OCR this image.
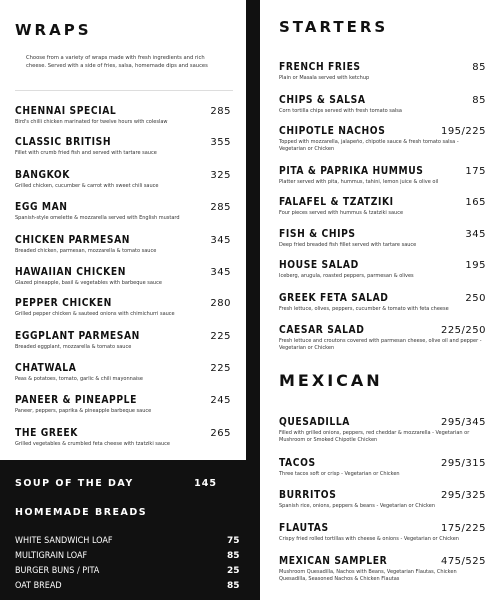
WRAPS
Choose from a variety of wraps made with fresh ingredients and rich cheese. Served with a side of fries, salsa, homemade dips and sauces
CHENNAI SPECIAL	285
Bird's chilli chicken marinated for twelve hours with coleslaw
CLASSIC BRITISH	355
Fillet with crumb fried fish and served with tartare sauce
BANGKOK	325
Grilled chicken, cucumber & carrot with sweet chili sauce
EGG MAN	285
Spanish-style omelette & mozzarella served with English mustard
CHICKEN PARMESAN	345
Breaded chicken, parmesan, mozzarella & tomato sauce
HAWAIIAN CHICKEN	345
Glazed pineapple, basil & vegetables with barbeque sauce
PEPPER CHICKEN	280
Grilled pepper chicken & sauteed onions with chimichurri sauce
EGGPLANT PARMESAN	225
Breaded eggplant, mozzarella & tomato sauce
CHATWALA	225
Peas & potatoes, tomato, garlic & chili mayonnaise
PANEER & PINEAPPLE	245
Paneer, peppers, paprika & pineapple barbeque sauce
THE GREEK	265
Grilled vegetables & crumbled feta cheese with tzatziki sauce
SOUP OF THE DAY	145
HOMEMADE BREADS
WHITE SANDWICH LOAF	75
MULTIGRAIN LOAF	85
BURGER BUNS / PITA	25
OAT BREAD	85
STARTERS
FRENCH FRIES	85
Plain or Masala served with ketchup
CHIPS & SALSA	85
Corn tortilla chips served with fresh tomato salsa
CHIPOTLE NACHOS	195/225
Topped with mozzarella, jalapeño, chipotle sauce & fresh tomato salsa - Vegetarian or Chicken
PITA & PAPRIKA HUMMUS	175
Platter served with pita, hummus, tahini, lemon juice & olive oil
FALAFEL & TZATZIKI	165
Four pieces served with hummus & tzatziki sauce
FISH & CHIPS	345
Deep fried breaded fish fillet served with tartare sauce
HOUSE SALAD	195
Iceberg, arugula, roasted peppers, parmesan & olives
GREEK FETA SALAD	250
Fresh lettuce, olives, peppers, cucumber & tomato with feta cheese
CAESAR SALAD	225/250
Fresh lettuce and croutons covered with parmesan cheese, olive oil and pepper - Vegetarian or Chicken
MEXICAN
QUESADILLA	295/345
Filled with grilled onions, peppers, red cheddar & mozzarella - Vegetarian or Mushroom or Smoked Chipotle Chicken
TACOS	295/315
Three tacos soft or crisp - Vegetarian or Chicken
BURRITOS	295/325
Spanish rice, onions, peppers & beans - Vegetarian or Chicken
FLAUTAS	175/225
Crispy fried rolled tortillas with cheese & onions - Vegetarian or Chicken
MEXICAN SAMPLER	475/525
Mushroom Quesadilla, Nachos with Beans, Vegetarian Flautas, Chicken Quesadilla, Seasoned Nachos & Chicken Flautas
